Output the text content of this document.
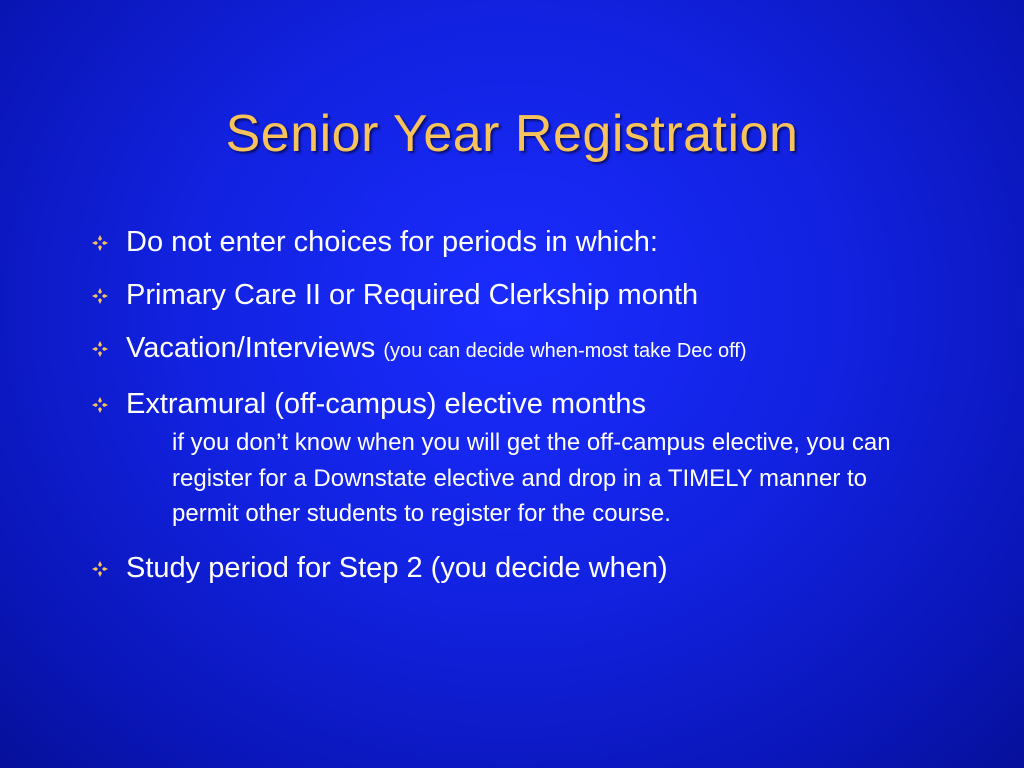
Senior Year Registration
Do not enter choices for periods in which:
Primary Care II or Required Clerkship month
Vacation/Interviews (you can decide when-most take Dec off)
Extramural (off-campus) elective months
if you don’t know when you will get the off-campus elective, you can register for a Downstate elective and drop in a TIMELY manner to permit other students to register for the course.
Study period for Step 2 (you decide when)
